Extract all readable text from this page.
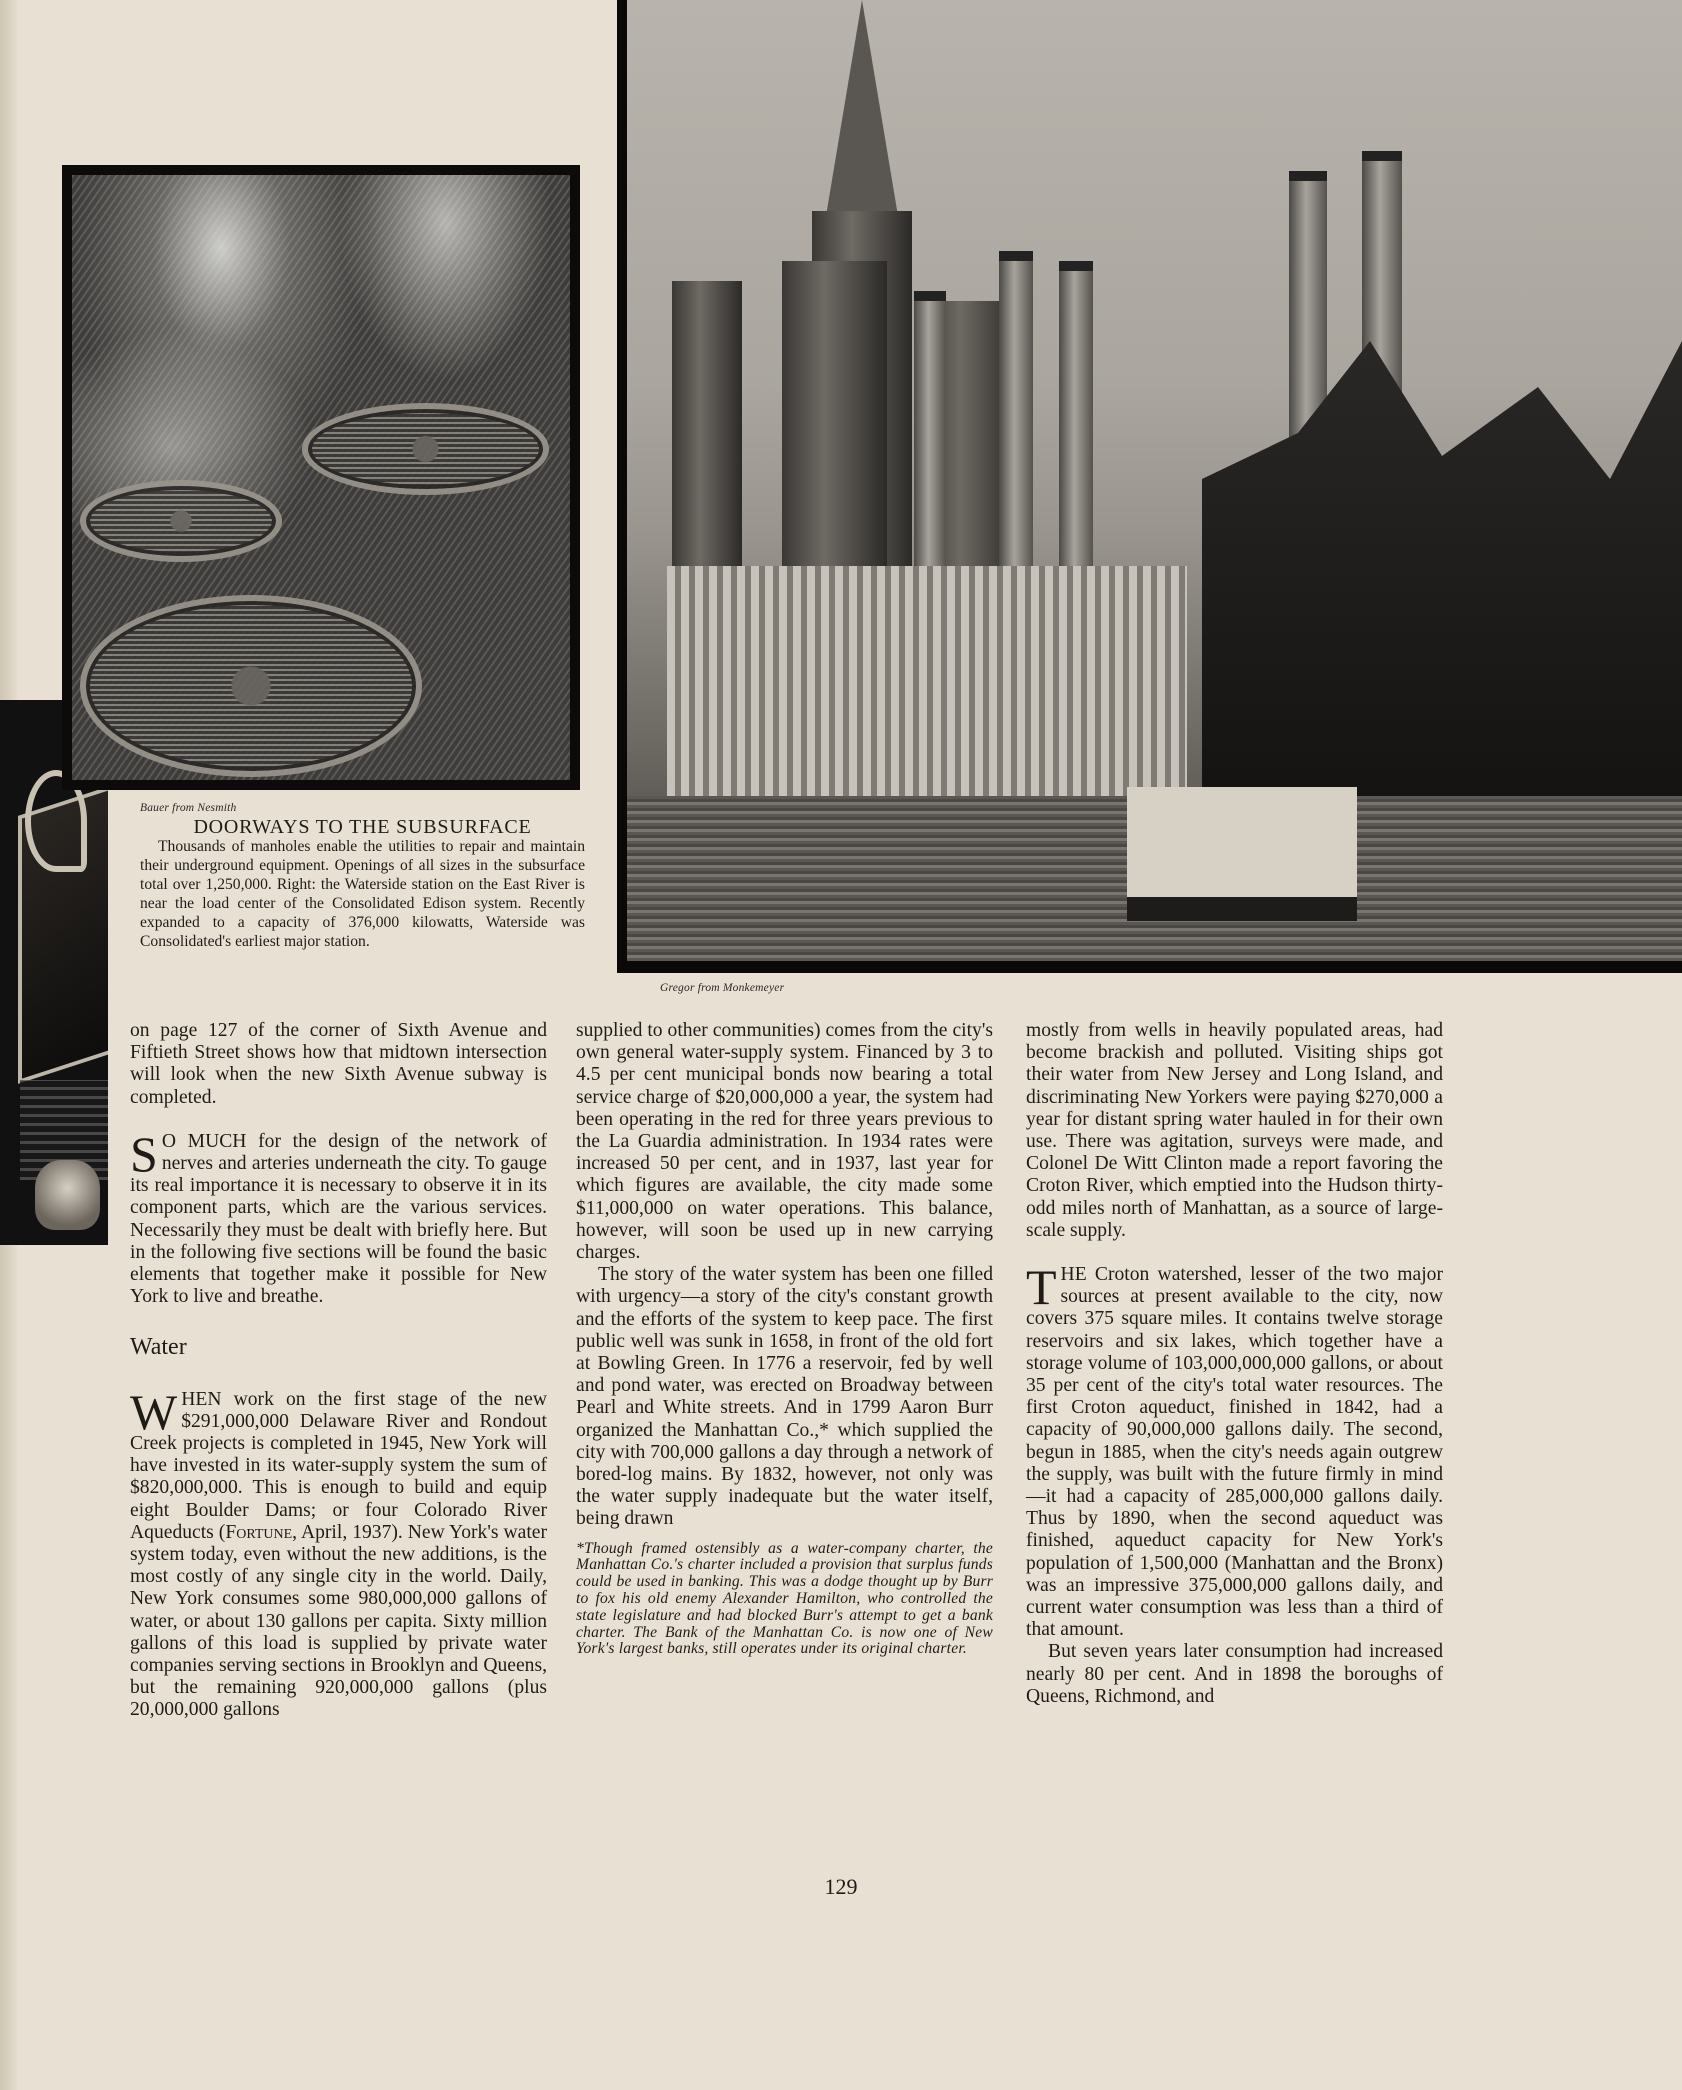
Bauer from Nesmith
DOORWAYS TO THE SUBSURFACE
Thousands of manholes enable the utilities to repair and maintain their underground equipment. Openings of all sizes in the subsurface total over 1,250,000. Right: the Waterside station on the East River is near the load center of the Consolidated Edison system. Recently expanded to a capacity of 376,000 kilowatts, Waterside was Consolidated's earliest major station.
Gregor from Monkemeyer

on page 127 of the corner of Sixth Avenue and Fiftieth Street shows how that midtown intersection will look when the new Sixth Avenue subway is completed.

S O MUCH for the design of the network of nerves and arteries underneath the city. To gauge its real importance it is necessary to observe it in its component parts, which are the various services. Necessarily they must be dealt with briefly here. But in the following five sections will be found the basic elements that together make it possible for New York to live and breathe.

Water

WHEN work on the first stage of the new $291,000,000 Delaware River and Rondout Creek projects is completed in 1945, New York will have invested in its water-supply system the sum of $820,000,000. This is enough to build and equip eight Boulder Dams; or four Colorado River Aqueducts (Fortune, April, 1937). New York's water system today, even without the new additions, is the most costly of any single city in the world. Daily, New York consumes some 980,000,000 gallons of water, or about 130 gallons per capita. Sixty million gallons of this load is supplied by private water companies serving sections in Brooklyn and Queens, but the remaining 920,000,000 gallons (plus 20,000,000 gallons

supplied to other communities) comes from the city's own general water-supply system. Financed by 3 to 4.5 per cent municipal bonds now bearing a total service charge of $20,000,000 a year, the system had been operating in the red for three years previous to the La Guardia administration. In 1934 rates were increased 50 per cent, and in 1937, last year for which figures are available, the city made some $11,000,000 on water operations. This balance, however, will soon be used up in new carrying charges.

The story of the water system has been one filled with urgency—a story of the city's constant growth and the efforts of the system to keep pace. The first public well was sunk in 1658, in front of the old fort at Bowling Green. In 1776 a reservoir, fed by well and pond water, was erected on Broadway between Pearl and White streets. And in 1799 Aaron Burr organized the Manhattan Co.,* which supplied the city with 700,000 gallons a day through a network of bored-log mains. By 1832, however, not only was the water supply inadequate but the water itself, being drawn

*Though framed ostensibly as a water-company charter, the Manhattan Co.'s charter included a provision that surplus funds could be used in banking. This was a dodge thought up by Burr to fox his old enemy Alexander Hamilton, who controlled the state legislature and had blocked Burr's attempt to get a bank charter. The Bank of the Manhattan Co. is now one of New York's largest banks, still operates under its original charter.

mostly from wells in heavily populated areas, had become brackish and polluted. Visiting ships got their water from New Jersey and Long Island, and discriminating New Yorkers were paying $270,000 a year for distant spring water hauled in for their own use. There was agitation, surveys were made, and Colonel De Witt Clinton made a report favoring the Croton River, which emptied into the Hudson thirty-odd miles north of Manhattan, as a source of large-scale supply.

THE Croton watershed, lesser of the two major sources at present available to the city, now covers 375 square miles. It contains twelve storage reservoirs and six lakes, which together have a storage volume of 103,000,000,000 gallons, or about 35 per cent of the city's total water resources. The first Croton aqueduct, finished in 1842, had a capacity of 90,000,000 gallons daily. The second, begun in 1885, when the city's needs again outgrew the supply, was built with the future firmly in mind—it had a capacity of 285,000,000 gallons daily. Thus by 1890, when the second aqueduct was finished, aqueduct capacity for New York's population of 1,500,000 (Manhattan and the Bronx) was an impressive 375,000,000 gallons daily, and current water consumption was less than a third of that amount.

But seven years later consumption had increased nearly 80 per cent. And in 1898 the boroughs of Queens, Richmond, and

129
